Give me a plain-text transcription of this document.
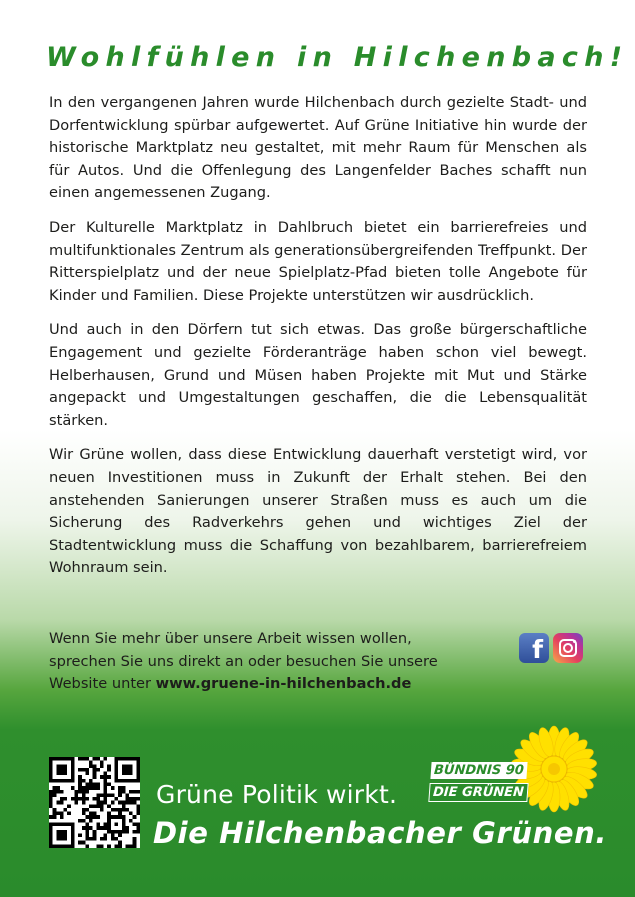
Wohlfühlen in Hilchenbach!

In den vergangenen Jahren wurde Hilchenbach durch gezielte Stadt- und Dorfentwicklung spürbar aufgewertet. Auf Grüne Initiative hin wurde der historische Marktplatz neu gestaltet, mit mehr Raum für Menschen als für Autos. Und die Offenlegung des Langenfelder Baches schafft nun einen angemessenen Zugang.

Der Kulturelle Marktplatz in Dahlbruch bietet ein barrierefreies und multifunktionales Zentrum als generationsübergreifenden Treffpunkt. Der Ritterspielplatz und der neue Spielplatz-Pfad bieten tolle Angebote für Kinder und Familien. Diese Projekte unterstützen wir ausdrücklich.

Und auch in den Dörfern tut sich etwas. Das große bürgerschaftliche Engagement und gezielte Förderanträge haben schon viel bewegt. Helberhausen, Grund und Müsen haben Projekte mit Mut und Stärke angepackt und Umgestaltungen geschaffen, die die Lebensqualität stärken.

Wir Grüne wollen, dass diese Entwicklung dauerhaft verstetigt wird, vor neuen Investitionen muss in Zukunft der Erhalt stehen. Bei den anstehenden Sanierungen unserer Straßen muss es auch um die Sicherung des Radverkehrs gehen und wichtiges Ziel der Stadtentwicklung muss die Schaffung von bezahlbarem, barrierefreiem Wohnraum sein.

Wenn Sie mehr über unsere Arbeit wissen wollen,
sprechen Sie uns direkt an oder besuchen Sie unsere
Website unter www.gruene-in-hilchenbach.de
f
Grüne Politik wirkt.
Die Hilchenbacher Grünen.
BÜNDNIS 90
DIE GRÜNEN
